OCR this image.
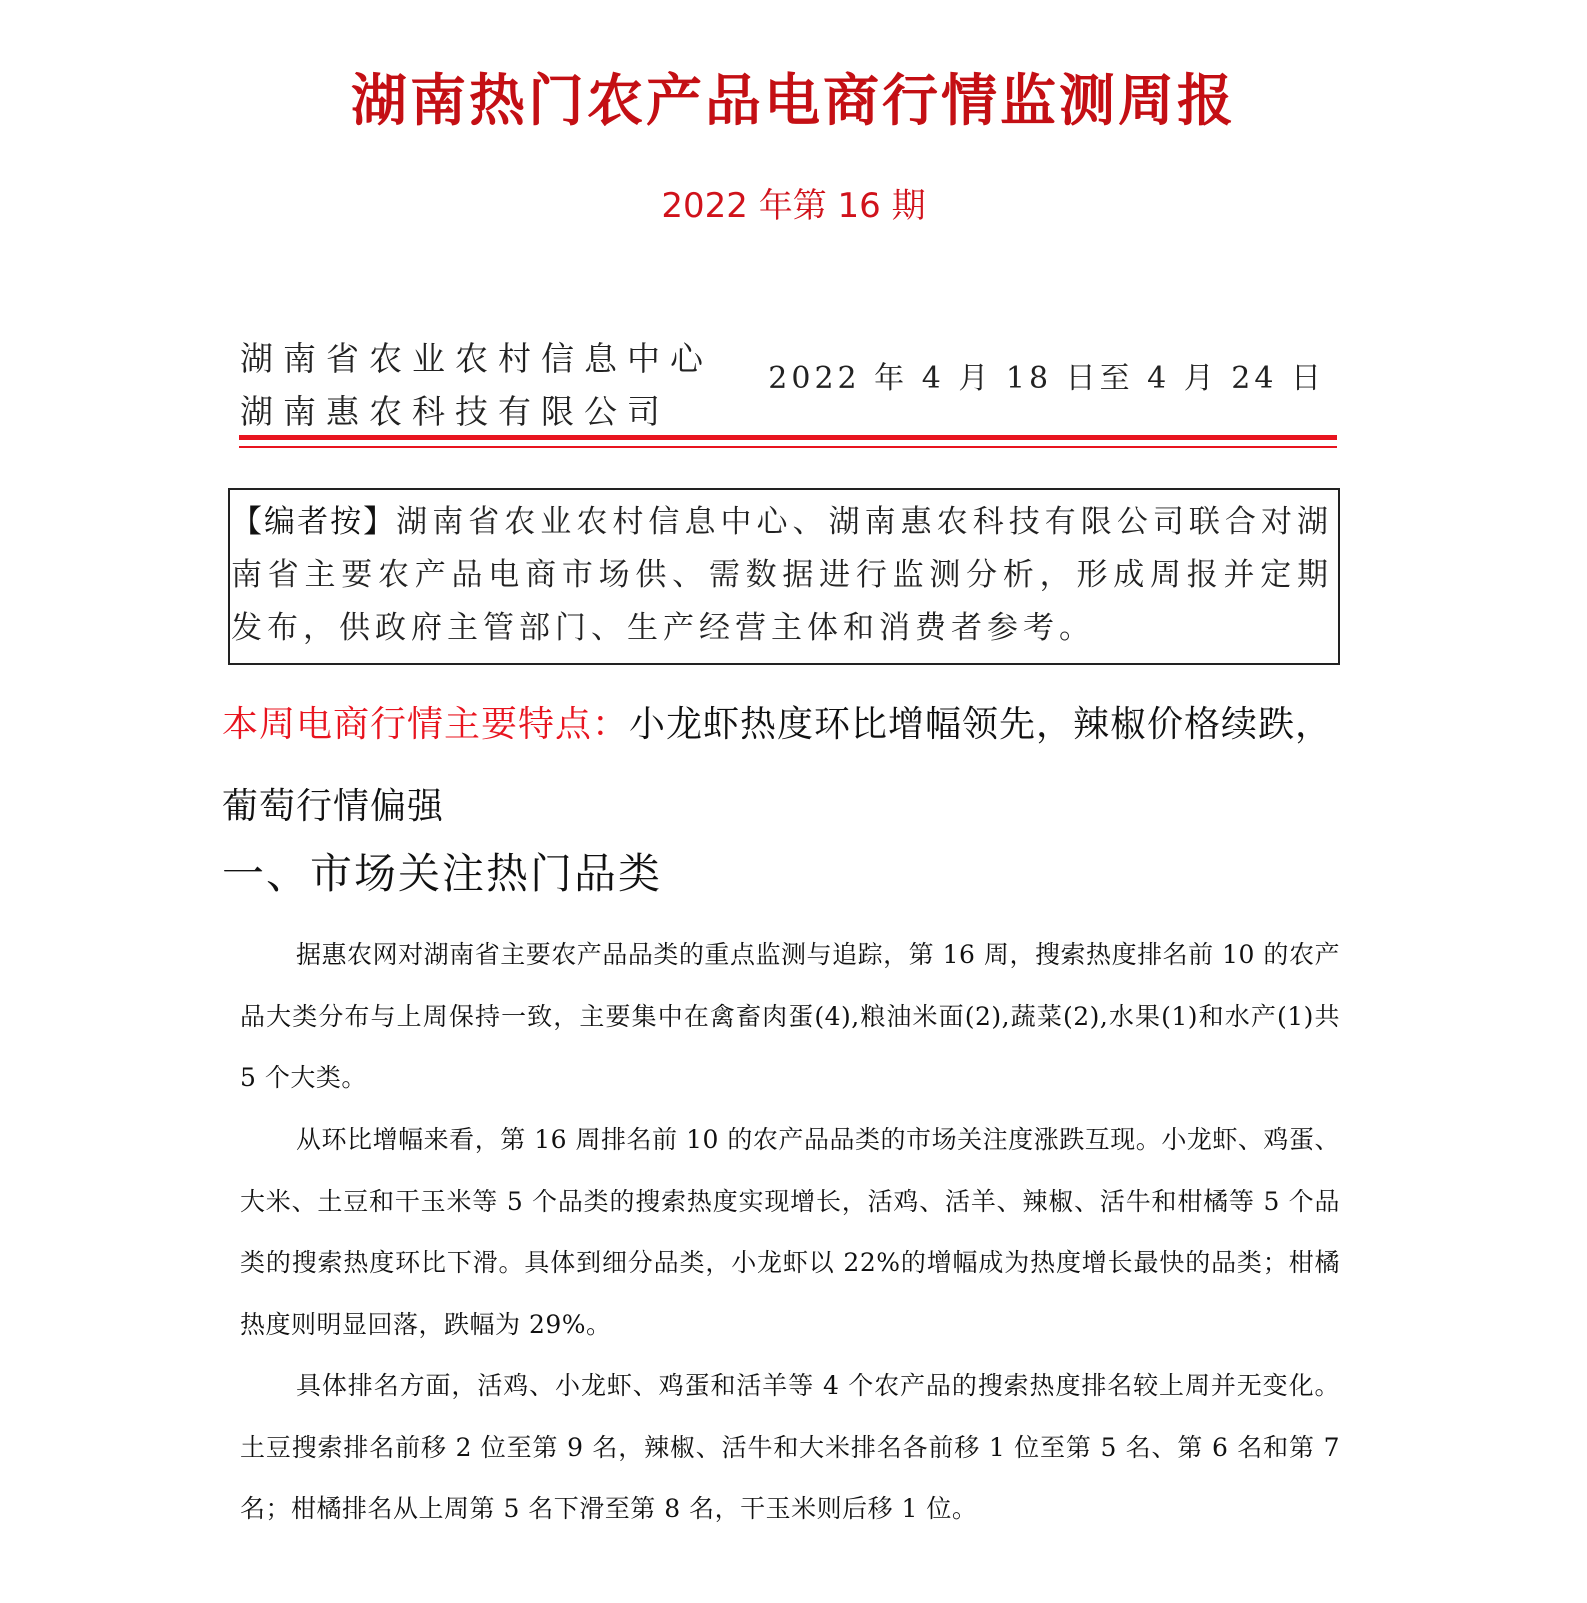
湖南热门农产品电商行情监测周报
2022 年第 16 期
湖南省农业农村信息中心
湖南惠农科技有限公司
2022 年 4 月 18 日至 4 月 24 日
【编者按】湖南省农业农村信息中心、湖南惠农科技有限公司联合对湖南省主要农产品电商市场供、需数据进行监测分析，形成周报并定期发布，供政府主管部门、生产经营主体和消费者参考。
本周电商行情主要特点：小龙虾热度环比增幅领先，辣椒价格续跌，葡萄行情偏强
一、市场关注热门品类

据惠农网对湖南省主要农产品品类的重点监测与追踪，第 16 周，搜索热度排名前 10 的农产品大类分布与上周保持一致，主要集中在禽畜肉蛋(4),粮油米面(2),蔬菜(2),水果(1)和水产(1)共 5 个大类。

从环比增幅来看，第 16 周排名前 10 的农产品品类的市场关注度涨跌互现。小龙虾、鸡蛋、大米、土豆和干玉米等 5 个品类的搜索热度实现增长，活鸡、活羊、辣椒、活牛和柑橘等 5 个品类的搜索热度环比下滑。具体到细分品类，小龙虾以 22%的增幅成为热度增长最快的品类；柑橘热度则明显回落，跌幅为 29%。

具体排名方面，活鸡、小龙虾、鸡蛋和活羊等 4 个农产品的搜索热度排名较上周并无变化。土豆搜索排名前移 2 位至第 9 名，辣椒、活牛和大米排名各前移 1 位至第 5 名、第 6 名和第 7 名；柑橘排名从上周第 5 名下滑至第 8 名，干玉米则后移 1 位。
